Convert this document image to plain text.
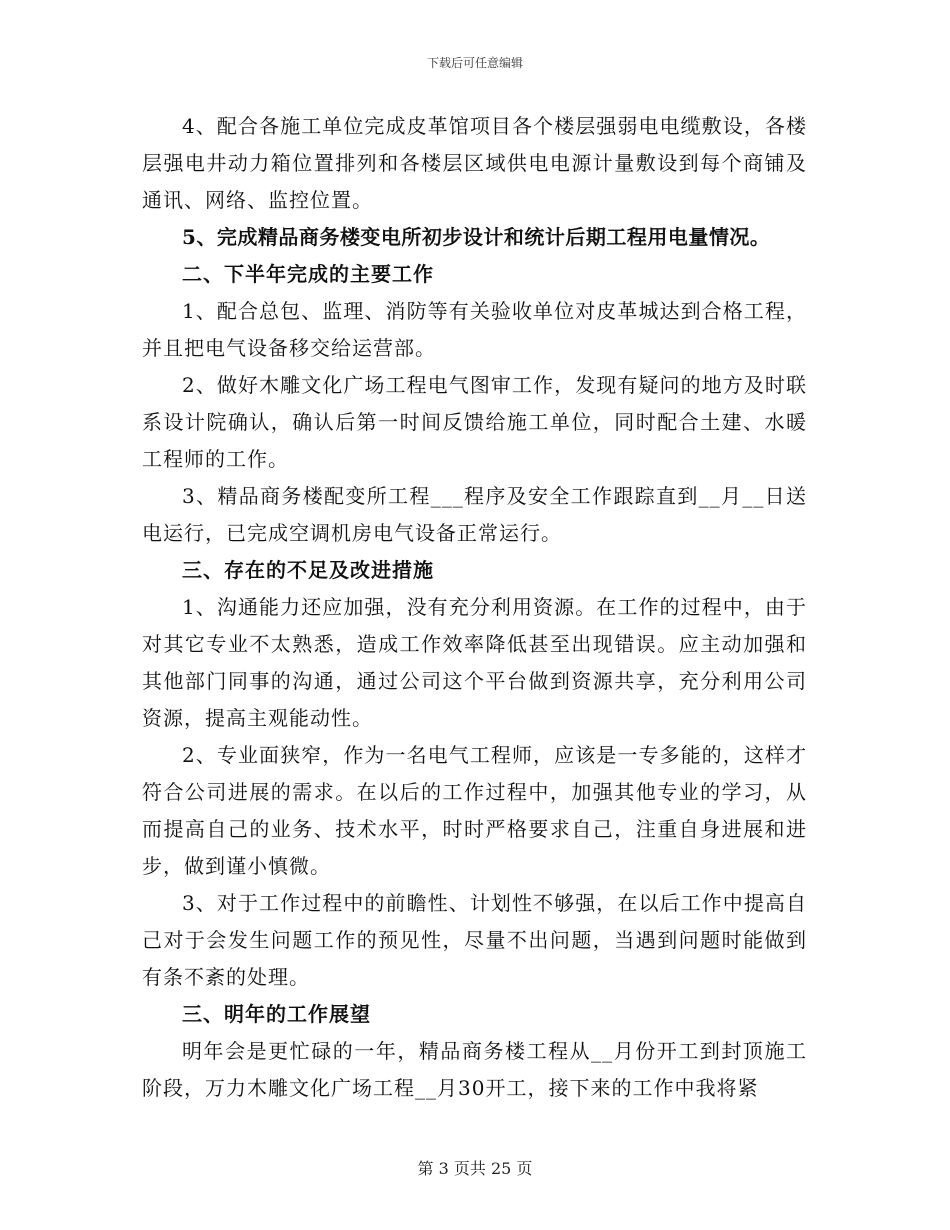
下载后可任意编辑

4、配合各施工单位完成皮革馆项目各个楼层强弱电电缆敷设，各楼层强电井动力箱位置排列和各楼层区域供电电源计量敷设到每个商铺及通讯、网络、监控位置。

5、完成精品商务楼变电所初步设计和统计后期工程用电量情况。

二、下半年完成的主要工作

1、配合总包、监理、消防等有关验收单位对皮革城达到合格工程，并且把电气设备移交给运营部。

2、做好木雕文化广场工程电气图审工作，发现有疑问的地方及时联系设计院确认，确认后第一时间反馈给施工单位，同时配合土建、水暖工程师的工作。

3、精品商务楼配变所工程___程序及安全工作跟踪直到__月__日送电运行，已完成空调机房电气设备正常运行。

三、存在的不足及改进措施

1、沟通能力还应加强，没有充分利用资源。在工作的过程中，由于对其它专业不太熟悉，造成工作效率降低甚至出现错误。应主动加强和其他部门同事的沟通，通过公司这个平台做到资源共享，充分利用公司资源，提高主观能动性。

2、专业面狭窄，作为一名电气工程师，应该是一专多能的，这样才符合公司进展的需求。在以后的工作过程中，加强其他专业的学习，从而提高自己的业务、技术水平，时时严格要求自己，注重自身进展和进步，做到谨小慎微。

3、对于工作过程中的前瞻性、计划性不够强，在以后工作中提高自己对于会发生问题工作的预见性，尽量不出问题，当遇到问题时能做到有条不紊的处理。

三、明年的工作展望

明年会是更忙碌的一年，精品商务楼工程从__月份开工到封顶施工阶段，万力木雕文化广场工程__月30开工，接下来的工作中我将紧

第 3 页共 25 页
